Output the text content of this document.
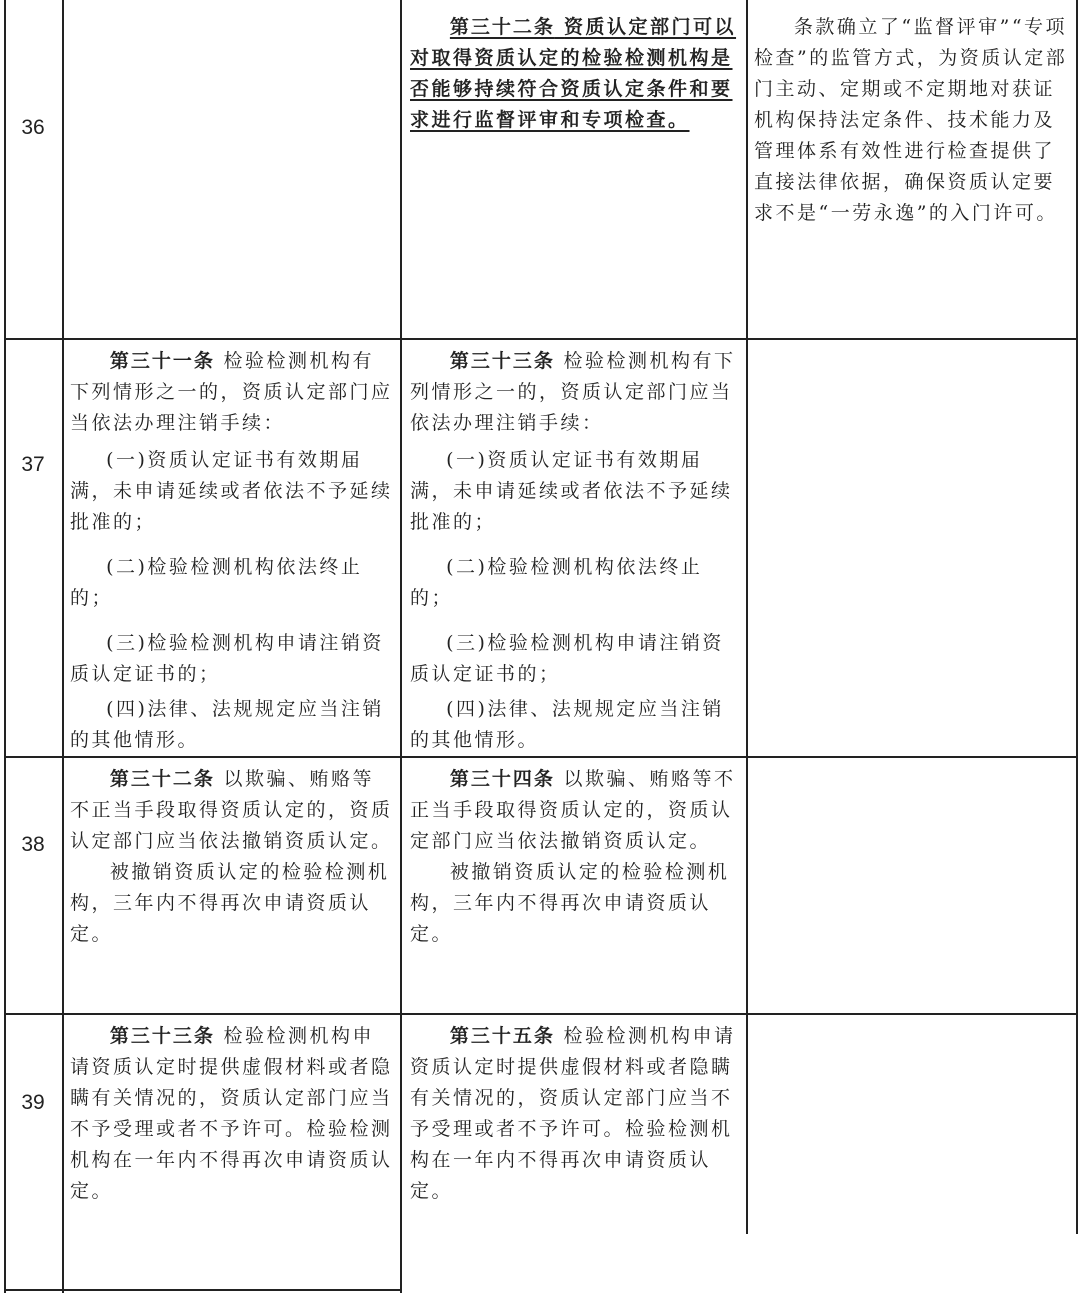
36

第三十二条 资质认定部门可以对取得资质认定的检验检测机构是否能够持续符合资质认定条件和要求进行监督评审和专项检查。

条款确立了“监督评审”“专项检查”的监管方式，为资质认定部门主动、定期或不定期地对获证机构保持法定条件、技术能力及管理体系有效性进行检查提供了直接法律依据，确保资质认定要求不是“一劳永逸”的入门许可。

37

第三十一条 检验检测机构有下列情形之一的，资质认定部门应当依法办理注销手续：

(一)资质认定证书有效期届满，未申请延续或者依法不予延续批准的；

(二)检验检测机构依法终止的；

(三)检验检测机构申请注销资质认定证书的；

(四)法律、法规规定应当注销的其他情形。

第三十三条 检验检测机构有下列情形之一的，资质认定部门应当依法办理注销手续：

(一)资质认定证书有效期届满，未申请延续或者依法不予延续批准的；

(二)检验检测机构依法终止的；

(三)检验检测机构申请注销资质认定证书的；

(四)法律、法规规定应当注销的其他情形。

38

第三十二条 以欺骗、贿赂等不正当手段取得资质认定的，资质认定部门应当依法撤销资质认定。

被撤销资质认定的检验检测机构，三年内不得再次申请资质认定。

第三十四条 以欺骗、贿赂等不正当手段取得资质认定的，资质认定部门应当依法撤销资质认定。

被撤销资质认定的检验检测机构，三年内不得再次申请资质认定。

39

第三十三条 检验检测机构申请资质认定时提供虚假材料或者隐瞒有关情况的，资质认定部门应当不予受理或者不予许可。检验检测机构在一年内不得再次申请资质认定。

第三十五条 检验检测机构申请资质认定时提供虚假材料或者隐瞒有关情况的，资质认定部门应当不予受理或者不予许可。检验检测机构在一年内不得再次申请资质认定。
